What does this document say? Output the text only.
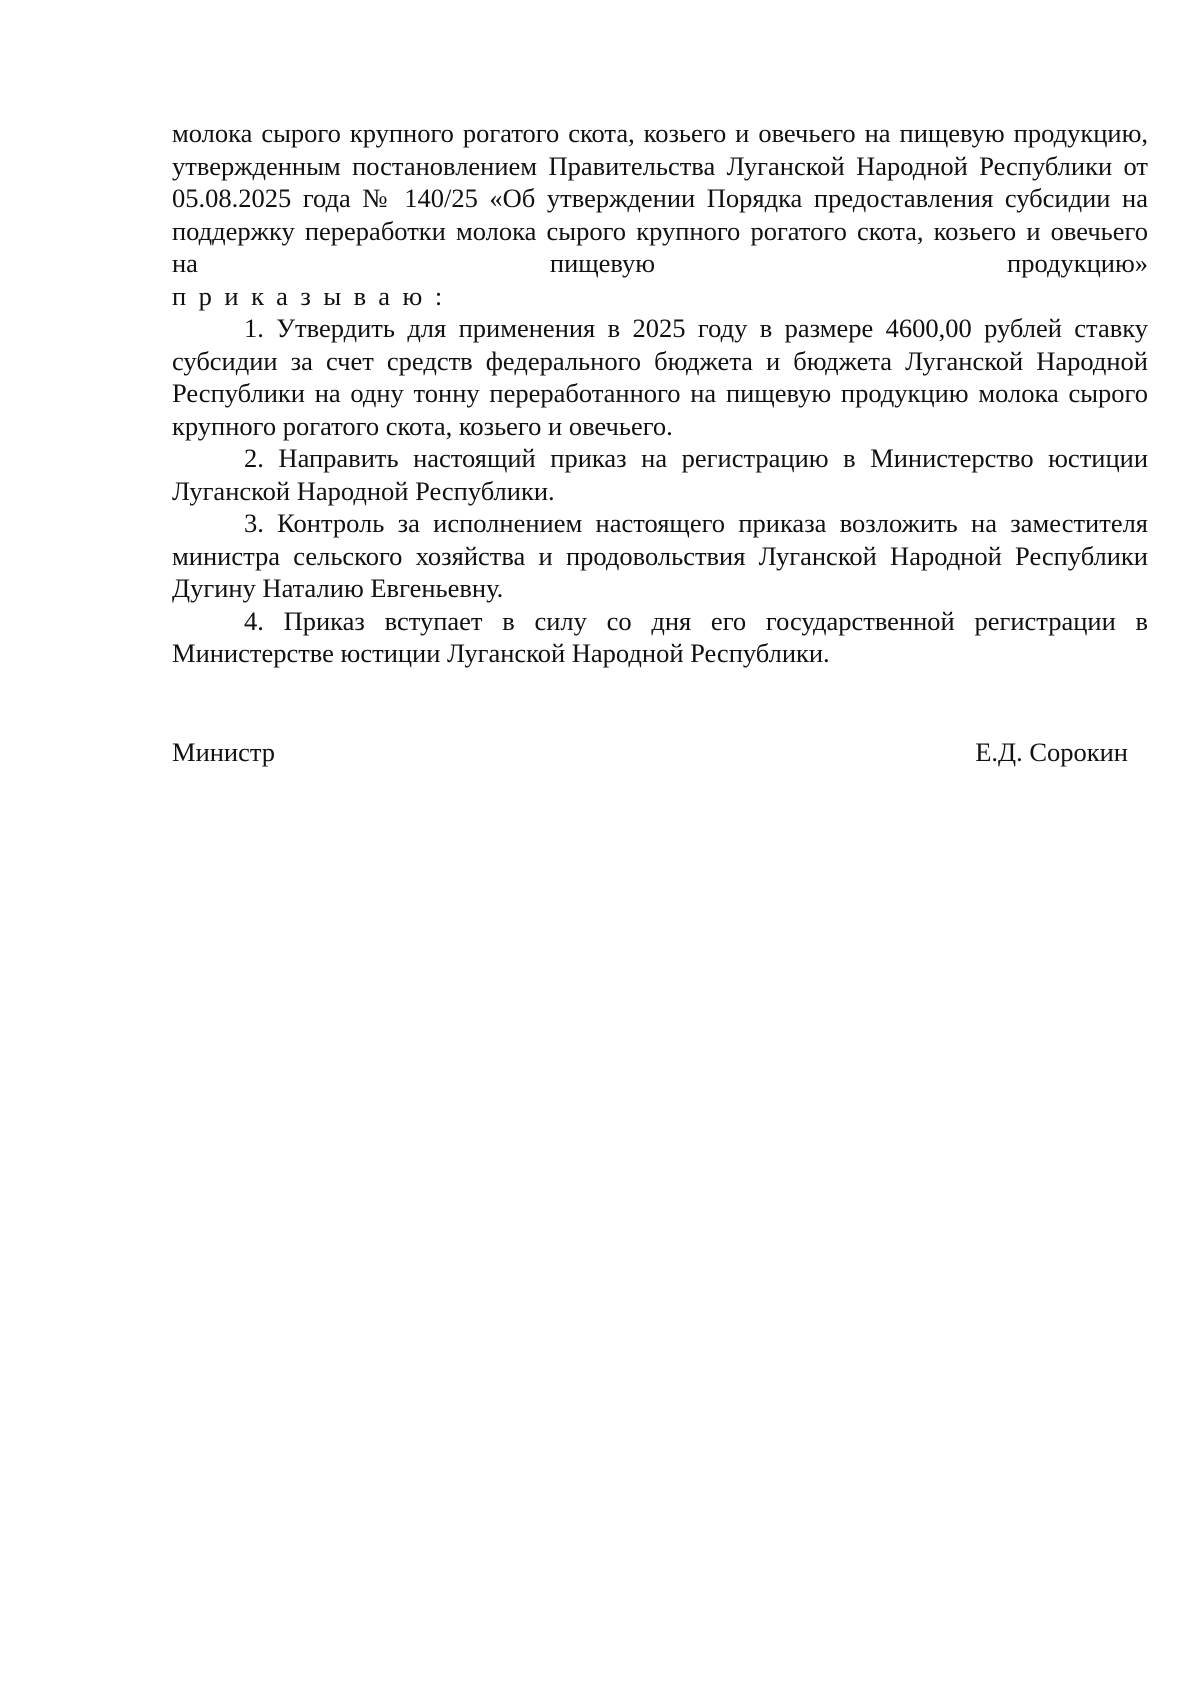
молока сырого крупного рогатого скота, козьего и овечьего на пищевую продукцию, утвержденным постановлением Правительства Луганской Народной Республики от 05.08.2025 года № 140/25 «Об утверждении Порядка предоставления субсидии на поддержку переработки молока сырого крупного рогатого скота, козьего и овечьего на пищевую продукцию»

приказываю:

1. Утвердить для применения в 2025 году в размере 4600,00 рублей ставку субсидии за счет средств федерального бюджета и бюджета Луганской Народной Республики на одну тонну переработанного на пищевую продукцию молока сырого крупного рогатого скота, козьего и овечьего.

2. Направить настоящий приказ на регистрацию в Министерство юстиции Луганской Народной Республики.

3. Контроль за исполнением настоящего приказа возложить на заместителя министра сельского хозяйства и продовольствия Луганской Народной Республики Дугину Наталию Евгеньевну.

4. Приказ вступает в силу со дня его государственной регистрации в Министерстве юстиции Луганской Народной Республики.

Министр	Е.Д. Сорокин
